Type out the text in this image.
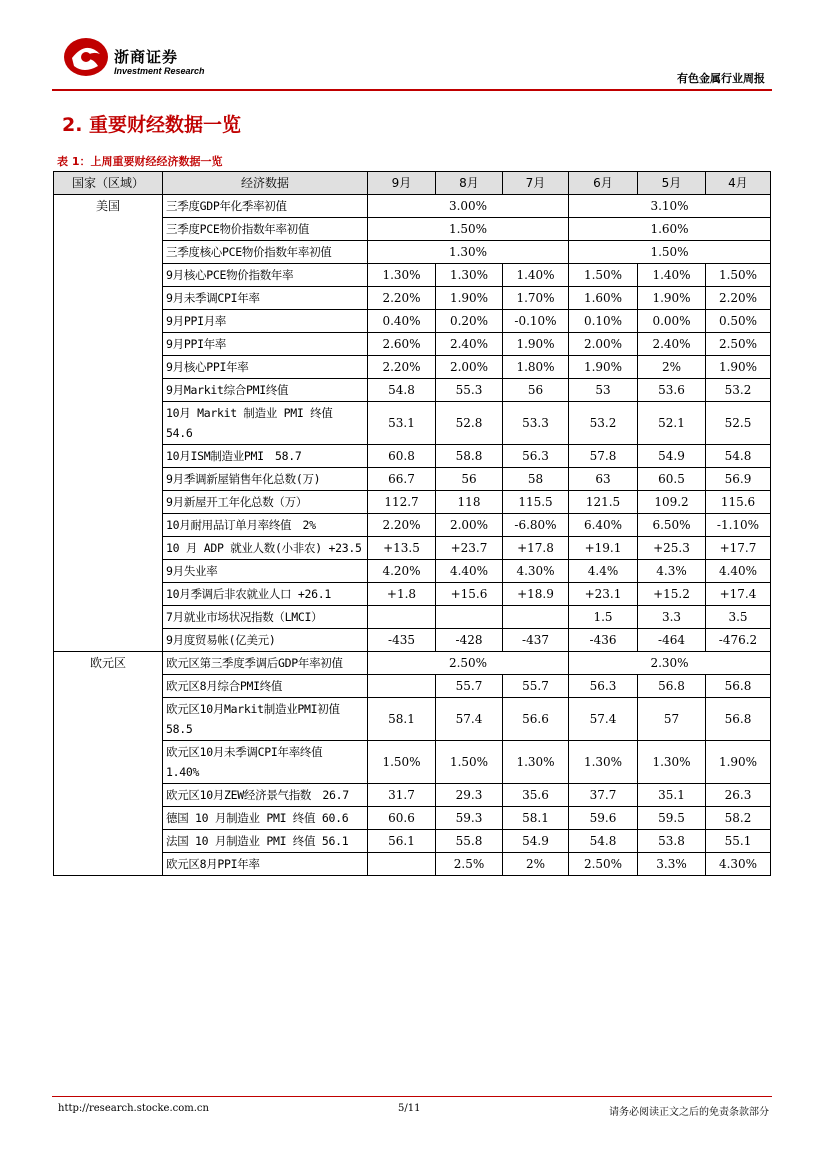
浙商证券
Investment Research
有色金属行业周报
2. 重要财经数据一览
表 1：上周重要财经经济数据一览
国家（区域）	经济数据	9月	8月	7月	6月	5月	4月
美国	三季度GDP年化季率初值	3.00%			3.10%		
	三季度PCE物价指数年率初值	1.50%			1.60%		
	三季度核心PCE物价指数年率初值	1.30%			1.50%		
	9月核心PCE物价指数年率	1.30%	1.30%	1.40%	1.50%	1.40%	1.50%
	9月未季调CPI年率	2.20%	1.90%	1.70%	1.60%	1.90%	2.20%
	9月PPI月率	0.40%	0.20%	-0.10%	0.10%	0.00%	0.50%
	9月PPI年率	2.60%	2.40%	1.90%	2.00%	2.40%	2.50%
	9月核心PPI年率	2.20%	2.00%	1.80%	1.90%	2%	1.90%
	9月Markit综合PMI终值	54.8	55.3	56	53	53.6	53.2
	10月 Markit 制造业 PMI 终值 54.6	53.1	52.8	53.3	53.2	52.1	52.5
	10月ISM制造业PMI　58.7	60.8	58.8	56.3	57.8	54.9	54.8
	9月季调新屋销售年化总数(万)	66.7	56	58	63	60.5	56.9
	9月新屋开工年化总数（万）	112.7	118	115.5	121.5	109.2	115.6
	10月耐用品订单月率终值　2%	2.20%	2.00%	-6.80%	6.40%	6.50%	-1.10%
	10 月 ADP 就业人数(小非农) +23.5	+13.5	+23.7	+17.8	+19.1	+25.3	+17.7
	9月失业率	4.20%	4.40%	4.30%	4.4%	4.3%	4.40%
	10月季调后非农就业人口 +26.1	+1.8	+15.6	+18.9	+23.1	+15.2	+17.4
	7月就业市场状况指数（LMCI）				1.5	3.3	3.5
	9月度贸易帐(亿美元)	-435	-428	-437	-436	-464	-476.2
欧元区	欧元区第三季度季调后GDP年率初值	2.50%			2.30%		
	欧元区8月综合PMI终值		55.7	55.7	56.3	56.8	56.8
	欧元区10月Markit制造业PMI初值　58.5	58.1	57.4	56.6	57.4	57	56.8
	欧元区10月未季调CPI年率终值　1.40%	1.50%	1.50%	1.30%	1.30%	1.30%	1.90%
	欧元区10月ZEW经济景气指数　26.7	31.7	29.3	35.6	37.7	35.1	26.3
	德国 10 月制造业 PMI 终值 60.6	60.6	59.3	58.1	59.6	59.5	58.2
	法国 10 月制造业 PMI 终值 56.1	56.1	55.8	54.9	54.8	53.8	55.1
	欧元区8月PPI年率		2.5%	2%	2.50%	3.3%	4.30%
http://research.stocke.com.cn	5/11	请务必阅读正文之后的免责条款部分
